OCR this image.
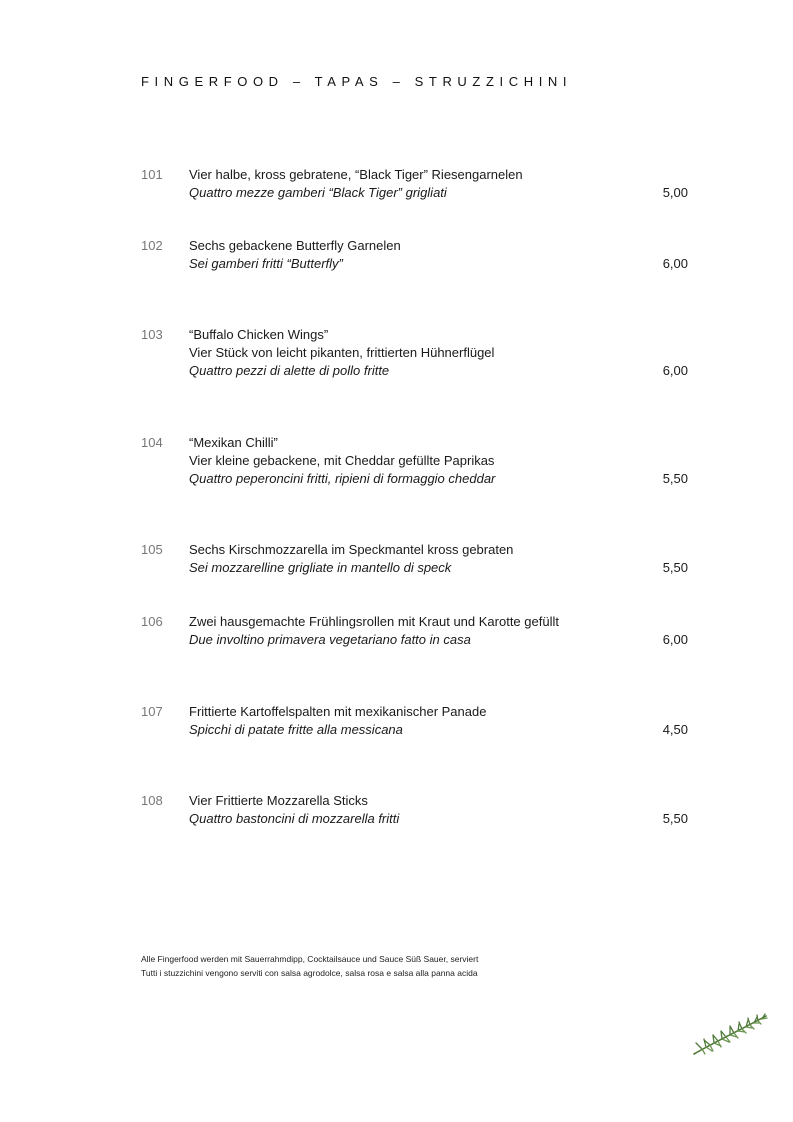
FINGERFOOD – TAPAS – STRUZZICHINI
101 Vier halbe, kross gebratene, “Black Tiger” Riesengarnelen
Quattro mezze gamberi “Black Tiger” grigliati	5,00
102 Sechs gebackene Butterfly Garnelen
Sei gamberi fritti “Butterfly”	6,00
103 “Buffalo Chicken Wings”
Vier Stück von leicht pikanten, frittierten Hühnerflügel
Quattro pezzi di alette di pollo fritte	6,00
104 “Mexikan Chilli”
Vier kleine gebackene, mit Cheddar gefüllte Paprikas
Quattro peperoncini fritti, ripieni di formaggio cheddar	5,50
105 Sechs Kirschmozzarella im Speckmantel kross gebraten
Sei mozzarelline grigliate in mantello di speck	5,50
106 Zwei hausgemachte Frühlingsrollen mit Kraut und Karotte gefüllt
Due involtino primavera vegetariano fatto in casa	6,00
107 Frittierte Kartoffelspalten mit mexikanischer Panade
Spicchi di patate fritte alla messicana	4,50
108 Vier Frittierte Mozzarella Sticks
Quattro bastoncini di mozzarella fritti	5,50
Alle Fingerfood werden mit Sauerrahmdipp, Cocktailsauce und Sauce Süß Sauer, serviert
Tutti i stuzzichini vengono serviti con salsa agrodolce, salsa rosa e salsa alla panna acida
